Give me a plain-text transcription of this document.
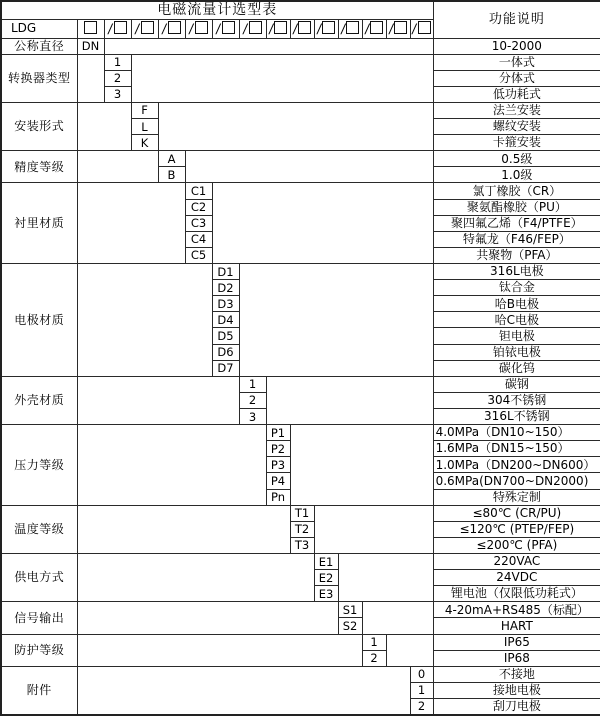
电磁流量计选型表															功能说明
LDG		/	/	/	/	/	/	/	/	/	/	/	/	/	
公称直径	DN														10-2000
转换器类型		1													一体式
		2													分体式
		3													低功耗式
安装形式			F												法兰安装
			L												螺纹安装
			K												卡箍安装
精度等级				A											0.5级
				B											1.0级
衬里材质					C1										氯丁橡胶（CR）
					C2										聚氨酯橡胶（PU）
					C3										聚四氟乙烯（F4/PTFE）
					C4										特氟龙（F46/FEP）
					C5										共聚物（PFA）
电极材质						D1									316L电极
						D2									钛合金
						D3									哈B电极
						D4									哈C电极
						D5									钽电极
						D6									铂铱电极
						D7									碳化钨
外壳材质							1								碳钢
							2								304不锈钢
							3								316L不锈钢
压力等级								P1							4.0MPa（DN10~150）
								P2							1.6MPa（DN15~150）
								P3							1.0MPa（DN200~DN600）
								P4							0.6MPa(DN700~DN2000)
								Pn							特殊定制
温度等级									T1						≤80℃ (CR/PU)
									T2						≤120℃ (PTEP/FEP)
									T3						≤200℃ (PFA)
供电方式										E1					220VAC
										E2					24VDC
										E3					锂电池（仅限低功耗式）
信号输出											S1				4-20mA+RS485（标配）
											S2				HART
防护等级												1			IP65
												2			IP68
附件														0	不接地
														1	接地电极
														2	刮刀电极
